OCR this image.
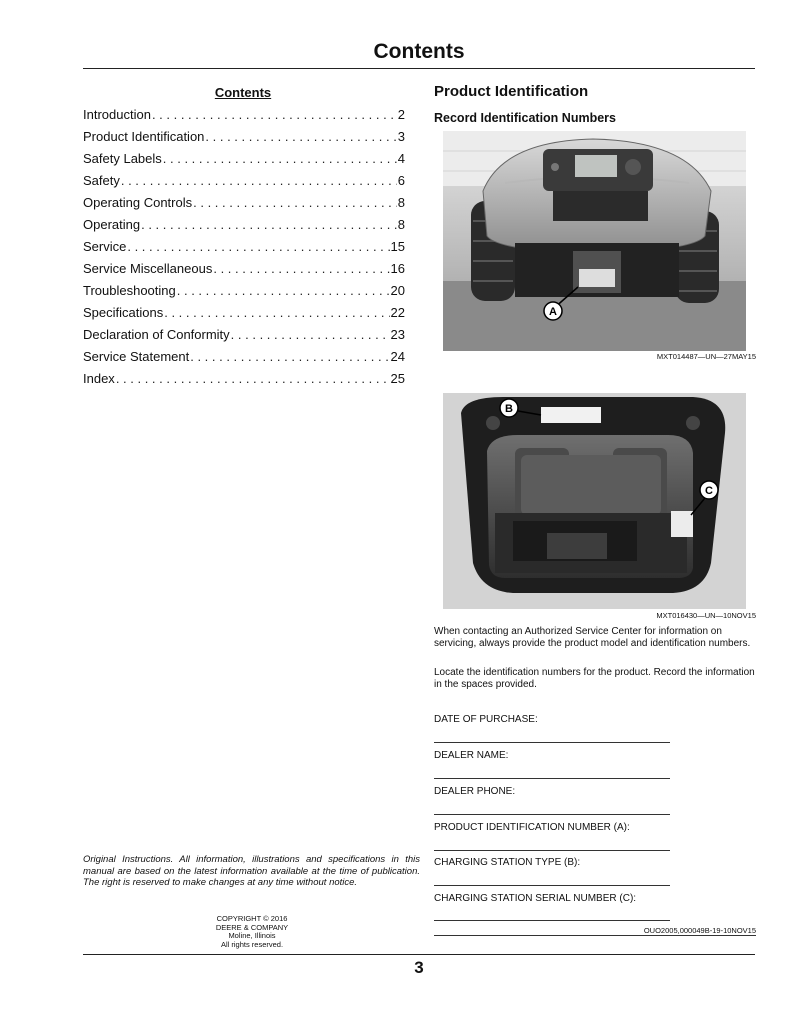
Contents
Contents
Introduction . . .	2
Product Identification . . .	3
Safety Labels . . .	4
Safety . . .	6
Operating Controls . . .	8
Operating . . .	8
Service . . .	15
Service Miscellaneous . . .	16
Troubleshooting . . .	20
Specifications . . .	22
Declaration of Conformity . . .	23
Service Statement . . .	24
Index . . .	25
Original Instructions. All information, illustrations and specifications in this manual are based on the latest information available at the time of publication. The right is reserved to make changes at any time without notice.
COPYRIGHT © 2016
DEERE & COMPANY
Moline, Illinois
All rights reserved.
Product Identification
Record Identification Numbers
A
MXT014487—UN—27MAY15
B
C
MXT016430—UN—10NOV15
When contacting an Authorized Service Center for information on servicing, always provide the product model and identification numbers.
Locate the identification numbers for the product. Record the information in the spaces provided.
DATE OF PURCHASE:
DEALER NAME:
DEALER PHONE:
PRODUCT IDENTIFICATION NUMBER (A):
CHARGING STATION TYPE (B):
CHARGING STATION SERIAL NUMBER (C):
OUO2005,000049B-19-10NOV15
3
